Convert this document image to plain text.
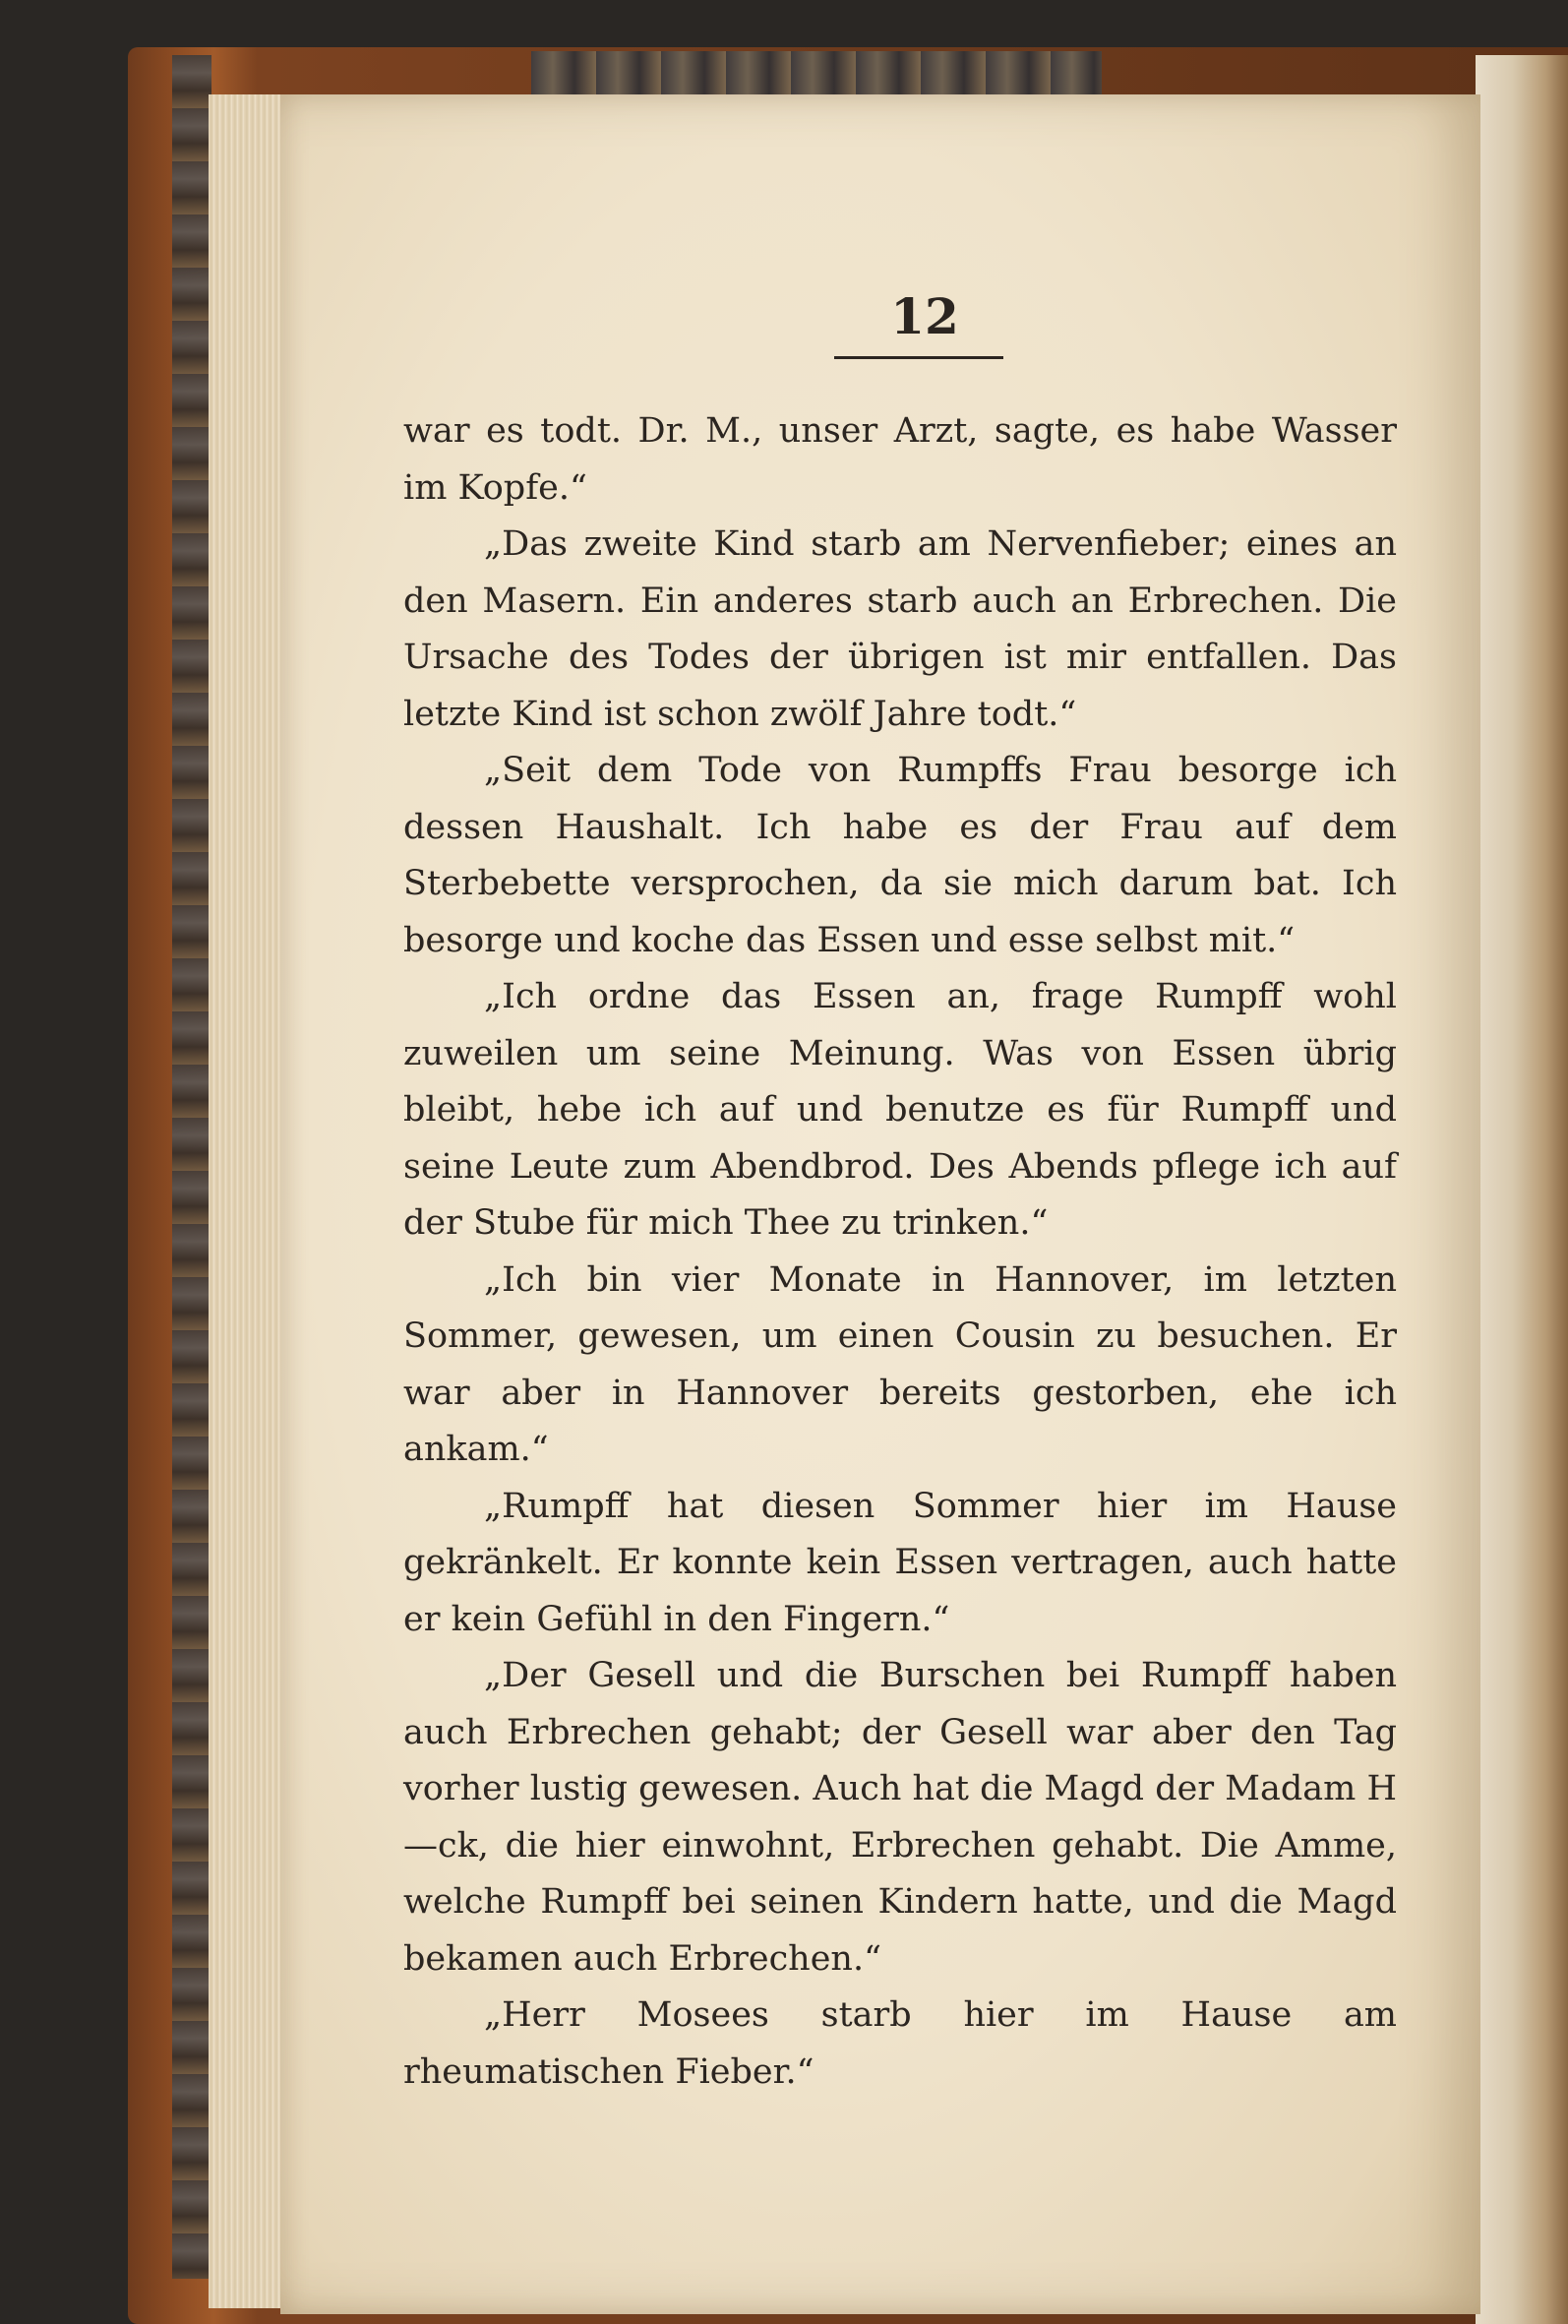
12

war es todt. Dr. M., unser Arzt, sagte, es habe Wasser im Kopfe.“

„Das zweite Kind starb am Nervenfieber; eines an den Masern. Ein anderes starb auch an Erbrechen. Die Ursache des Todes der übrigen ist mir entfallen. Das letzte Kind ist schon zwölf Jahre todt.“

„Seit dem Tode von Rumpffs Frau besorge ich dessen Haushalt. Ich habe es der Frau auf dem Sterbebette versprochen, da sie mich darum bat. Ich besorge und koche das Essen und esse selbst mit.“

„Ich ordne das Essen an, frage Rumpff wohl zuweilen um seine Meinung. Was von Essen übrig bleibt, hebe ich auf und benutze es für Rumpff und seine Leute zum Abendbrod. Des Abends pflege ich auf der Stube für mich Thee zu trinken.“

„Ich bin vier Monate in Hannover, im letzten Sommer, gewesen, um einen Cousin zu besuchen. Er war aber in Hannover bereits gestorben, ehe ich ankam.“

„Rumpff hat diesen Sommer hier im Hause gekränkelt. Er konnte kein Essen vertragen, auch hatte er kein Gefühl in den Fingern.“

„Der Gesell und die Burschen bei Rumpff haben auch Erbrechen gehabt; der Gesell war aber den Tag vorher lustig gewesen. Auch hat die Magd der Madam H—ck, die hier einwohnt, Erbrechen gehabt. Die Amme, welche Rumpff bei seinen Kindern hatte, und die Magd bekamen auch Erbrechen.“

„Herr Mosees starb hier im Hause am rheumatischen Fieber.“
